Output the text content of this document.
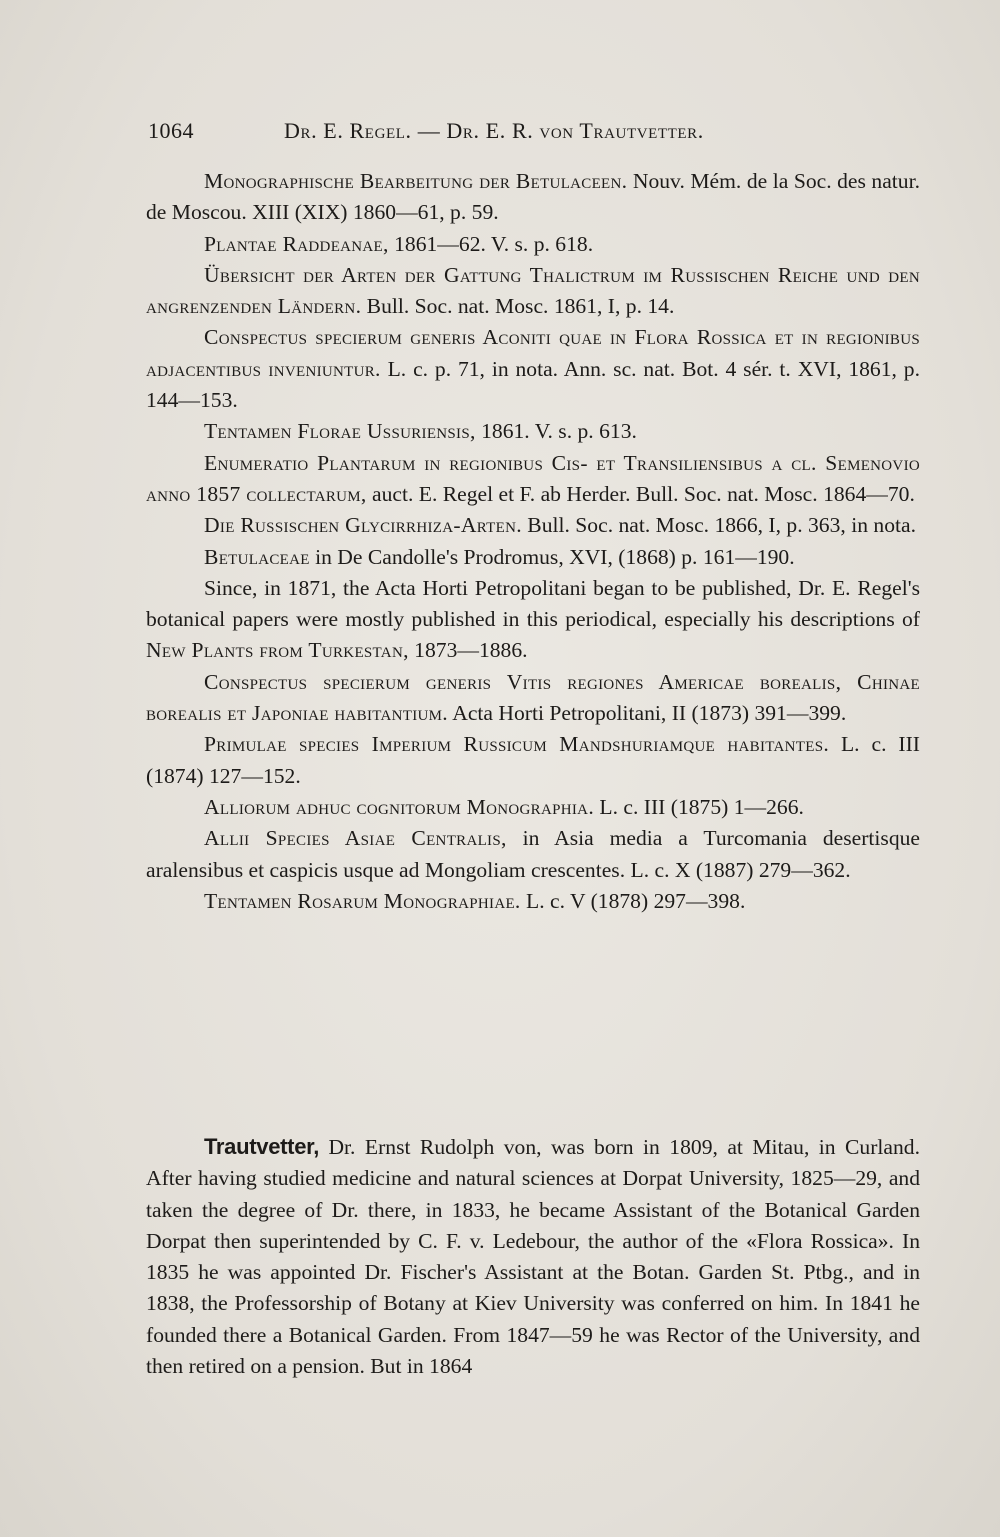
1064	Dr. E. Regel. — Dr. E. R. von Trautvetter.

Monographische Bearbeitung der Betulaceen. Nouv. Mém. de la Soc. des natur. de Moscou. XIII (XIX) 1860—61, p. 59.

Plantae Raddeanae, 1861—62. V. s. p. 618.

Übersicht der Arten der Gattung Thalictrum im Russischen Reiche und den angrenzenden Ländern. Bull. Soc. nat. Mosc. 1861, I, p. 14.

Conspectus specierum generis Aconiti quae in Flora Rossica et in regionibus adjacentibus inveniuntur. L. c. p. 71, in nota. Ann. sc. nat. Bot. 4 sér. t. XVI, 1861, p. 144—153.

Tentamen Florae Ussuriensis, 1861. V. s. p. 613.

Enumeratio Plantarum in regionibus Cis- et Transiliensibus a cl. Semenovio anno 1857 collectarum, auct. E. Regel et F. ab Herder. Bull. Soc. nat. Mosc. 1864—70.

Die Russischen Glycirrhiza-Arten. Bull. Soc. nat. Mosc. 1866, I, p. 363, in nota.

Betulaceae in De Candolle's Prodromus, XVI, (1868) p. 161—190.

Since, in 1871, the Acta Horti Petropolitani began to be published, Dr. E. Regel's botanical papers were mostly published in this periodical, especially his descriptions of New Plants from Turkestan, 1873—1886.

Conspectus specierum generis Vitis regiones Americae borealis, Chinae borealis et Japoniae habitantium. Acta Horti Petropolitani, II (1873) 391—399.

Primulae species Imperium Russicum Mandshuriamque habitantes. L. c. III (1874) 127—152.

Alliorum adhuc cognitorum Monographia. L. c. III (1875) 1—266.

Allii Species Asiae Centralis, in Asia media a Turcomania desertisque aralensibus et caspicis usque ad Mongoliam crescentes. L. c. X (1887) 279—362.

Tentamen Rosarum Monographiae. L. c. V (1878) 297—398.

Trautvetter, Dr. Ernst Rudolph von, was born in 1809, at Mitau, in Curland. After having studied medicine and natural sciences at Dorpat University, 1825—29, and taken the degree of Dr. there, in 1833, he became Assistant of the Botanical Garden Dorpat then superintended by C. F. v. Ledebour, the author of the «Flora Rossica». In 1835 he was appointed Dr. Fischer's Assistant at the Botan. Garden St. Ptbg., and in 1838, the Professorship of Botany at Kiev University was conferred on him. In 1841 he founded there a Botanical Garden. From 1847—59 he was Rector of the University, and then retired on a pension. But in 1864
